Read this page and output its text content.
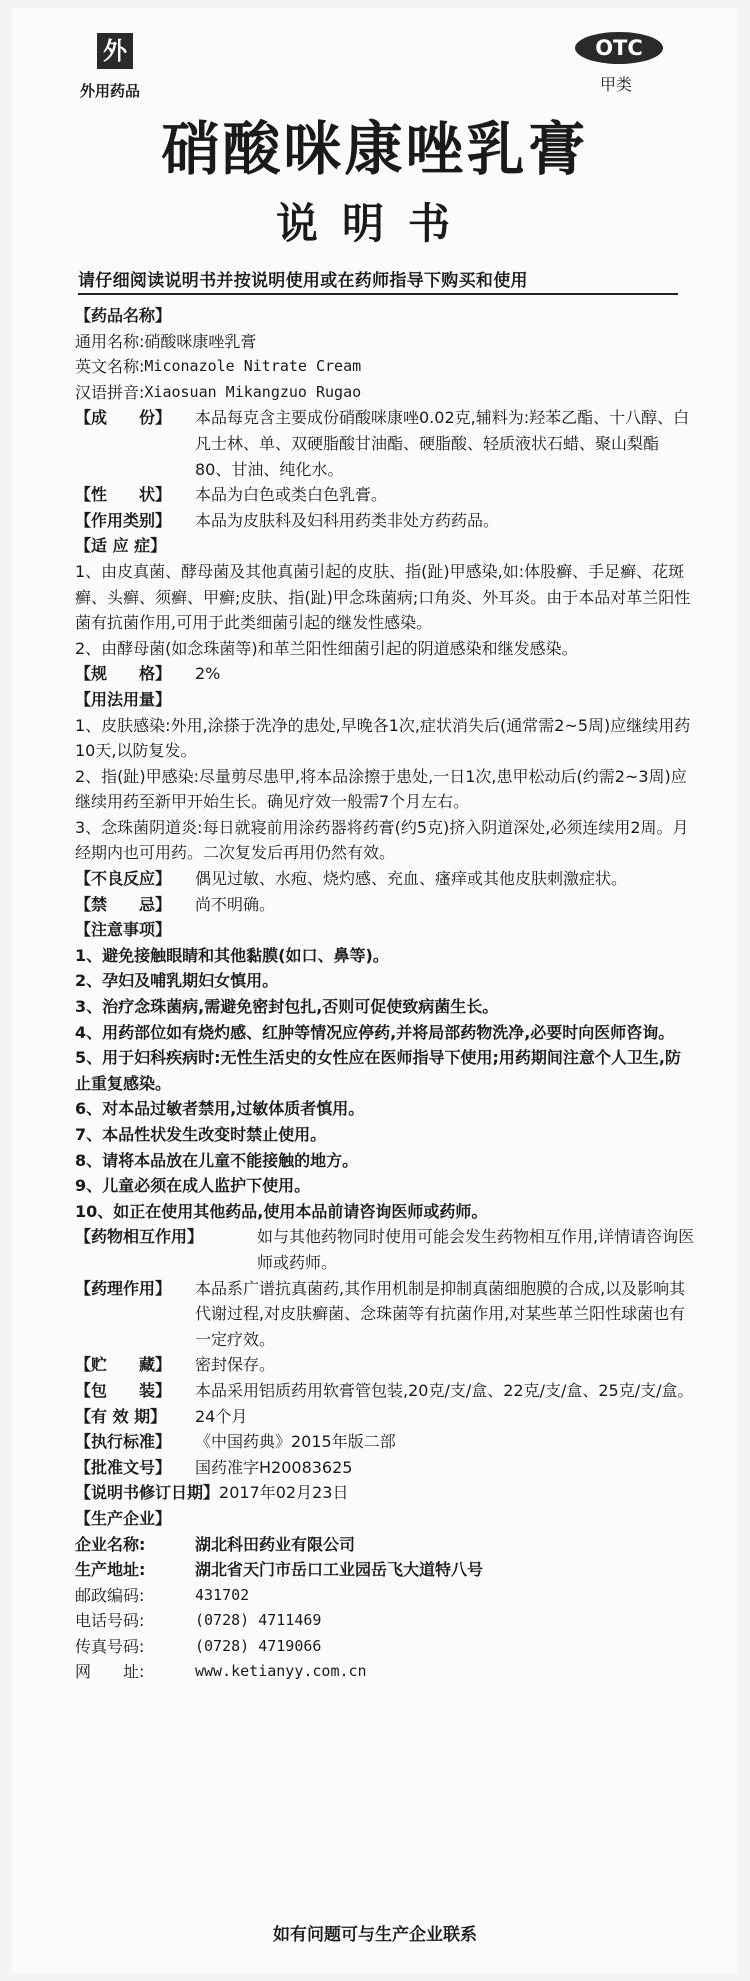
外
外用药品
OTC
甲类
硝酸咪康唑乳膏
说明书
请仔细阅读说明书并按说明使用或在药师指导下购买和使用

【药品名称】

通用名称: 硝酸咪康唑乳膏
英文名称: Miconazole Nitrate Cream
汉语拼音: Xiaosuan Mikangzuo Rugao
【成　　份】	本品每克含主要成份硝酸咪康唑0.02克,辅料为:羟苯乙酯、十八醇、白凡士林、单、双硬脂酸甘油酯、硬脂酸、轻质液状石蜡、聚山梨酯 80、甘油、纯化水。
【性　　状】	本品为白色或类白色乳膏。
【作用类别】	本品为皮肤科及妇科用药类非处方药药品。

【适 应 症】

1、由皮真菌、酵母菌及其他真菌引起的皮肤、指(趾)甲感染,如:体股癣、手足癣、花斑癣、头癣、须癣、甲癣;皮肤、指(趾)甲念珠菌病;口角炎、外耳炎。由于本品对革兰阳性菌有抗菌作用,可用于此类细菌引起的继发性感染。

2、由酵母菌(如念珠菌等)和革兰阳性细菌引起的阴道感染和继发感染。

【规　　格】	2%

【用法用量】

1、皮肤感染:外用,涂搽于洗净的患处,早晚各1次,症状消失后(通常需2~5周)应继续用药10天,以防复发。

2、指(趾)甲感染:尽量剪尽患甲,将本品涂擦于患处,一日1次,患甲松动后(约需2~3周)应继续用药至新甲开始生长。确见疗效一般需7个月左右。

3、念珠菌阴道炎:每日就寝前用涂药器将药膏(约5克)挤入阴道深处,必须连续用2周。月经期内也可用药。二次复发后再用仍然有效。

【不良反应】	偶见过敏、水疱、烧灼感、充血、瘙痒或其他皮肤刺激症状。
【禁　　忌】	尚不明确。

【注意事项】

1、避免接触眼睛和其他黏膜(如口、鼻等)。

2、孕妇及哺乳期妇女慎用。

3、治疗念珠菌病,需避免密封包扎,否则可促使致病菌生长。

4、用药部位如有烧灼感、红肿等情况应停药,并将局部药物洗净,必要时向医师咨询。

5、用于妇科疾病时:无性生活史的女性应在医师指导下使用;用药期间注意个人卫生,防止重复感染。

6、对本品过敏者禁用,过敏体质者慎用。

7、本品性状发生改变时禁止使用。

8、请将本品放在儿童不能接触的地方。

9、儿童必须在成人监护下使用。

10、如正在使用其他药品,使用本品前请咨询医师或药师。

【药物相互作用】	如与其他药物同时使用可能会发生药物相互作用,详情请咨询医师或药师。
【药理作用】	本品系广谱抗真菌药,其作用机制是抑制真菌细胞膜的合成,以及影响其代谢过程,对皮肤癣菌、念珠菌等有抗菌作用,对某些革兰阳性球菌也有一定疗效。
【贮　　藏】	密封保存。
【包　　装】	本品采用铝质药用软膏管包装,20克/支/盒、22克/支/盒、25克/支/盒。
【有 效 期】	24个月
【执行标准】	《中国药典》2015年版二部
【批准文号】	国药准字H20083625
【说明书修订日期】 2017年02月23日

【生产企业】

企业名称:	湖北科田药业有限公司
生产地址:	湖北省天门市岳口工业园岳飞大道特八号
邮政编码:	431702
电话号码:	(0728) 4711469
传真号码:	(0728) 4719066
网　　址:	www.ketianyy.com.cn
如有问题可与生产企业联系
